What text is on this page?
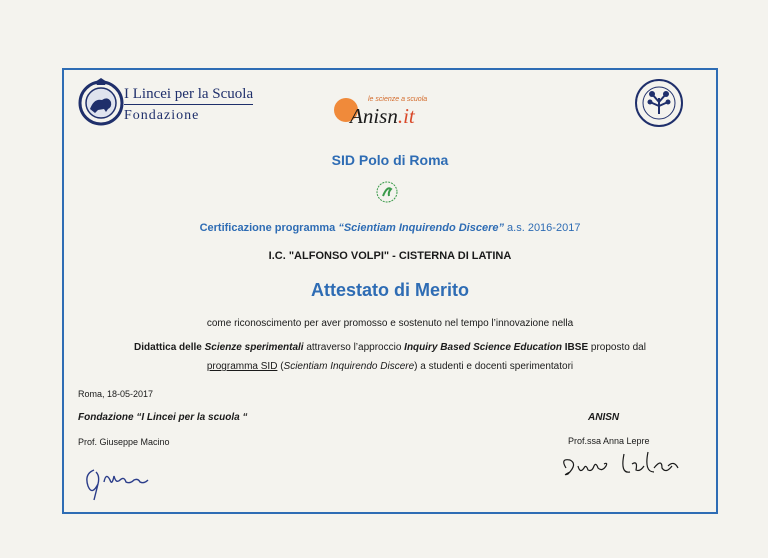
I Lincei per la Scuola
Fondazione
le scienze a scuola
Anisn.it
SID Polo di Roma
Certificazione programma “Scientiam Inquirendo Discere” a.s. 2016-2017
I.C. "ALFONSO VOLPI" - CISTERNA DI LATINA
Attestato di Merito
come riconoscimento per aver promosso e sostenuto nel tempo l’innovazione nella
Didattica delle Scienze sperimentali attraverso l’approccio Inquiry Based Science Education IBSE proposto dal
programma SID (Scientiam Inquirendo Discere) a studenti e docenti sperimentatori
Roma, 18-05-2017
Fondazione “I Lincei per la scuola “
Prof. Giuseppe Macino
ANISN
Prof.ssa Anna Lepre
